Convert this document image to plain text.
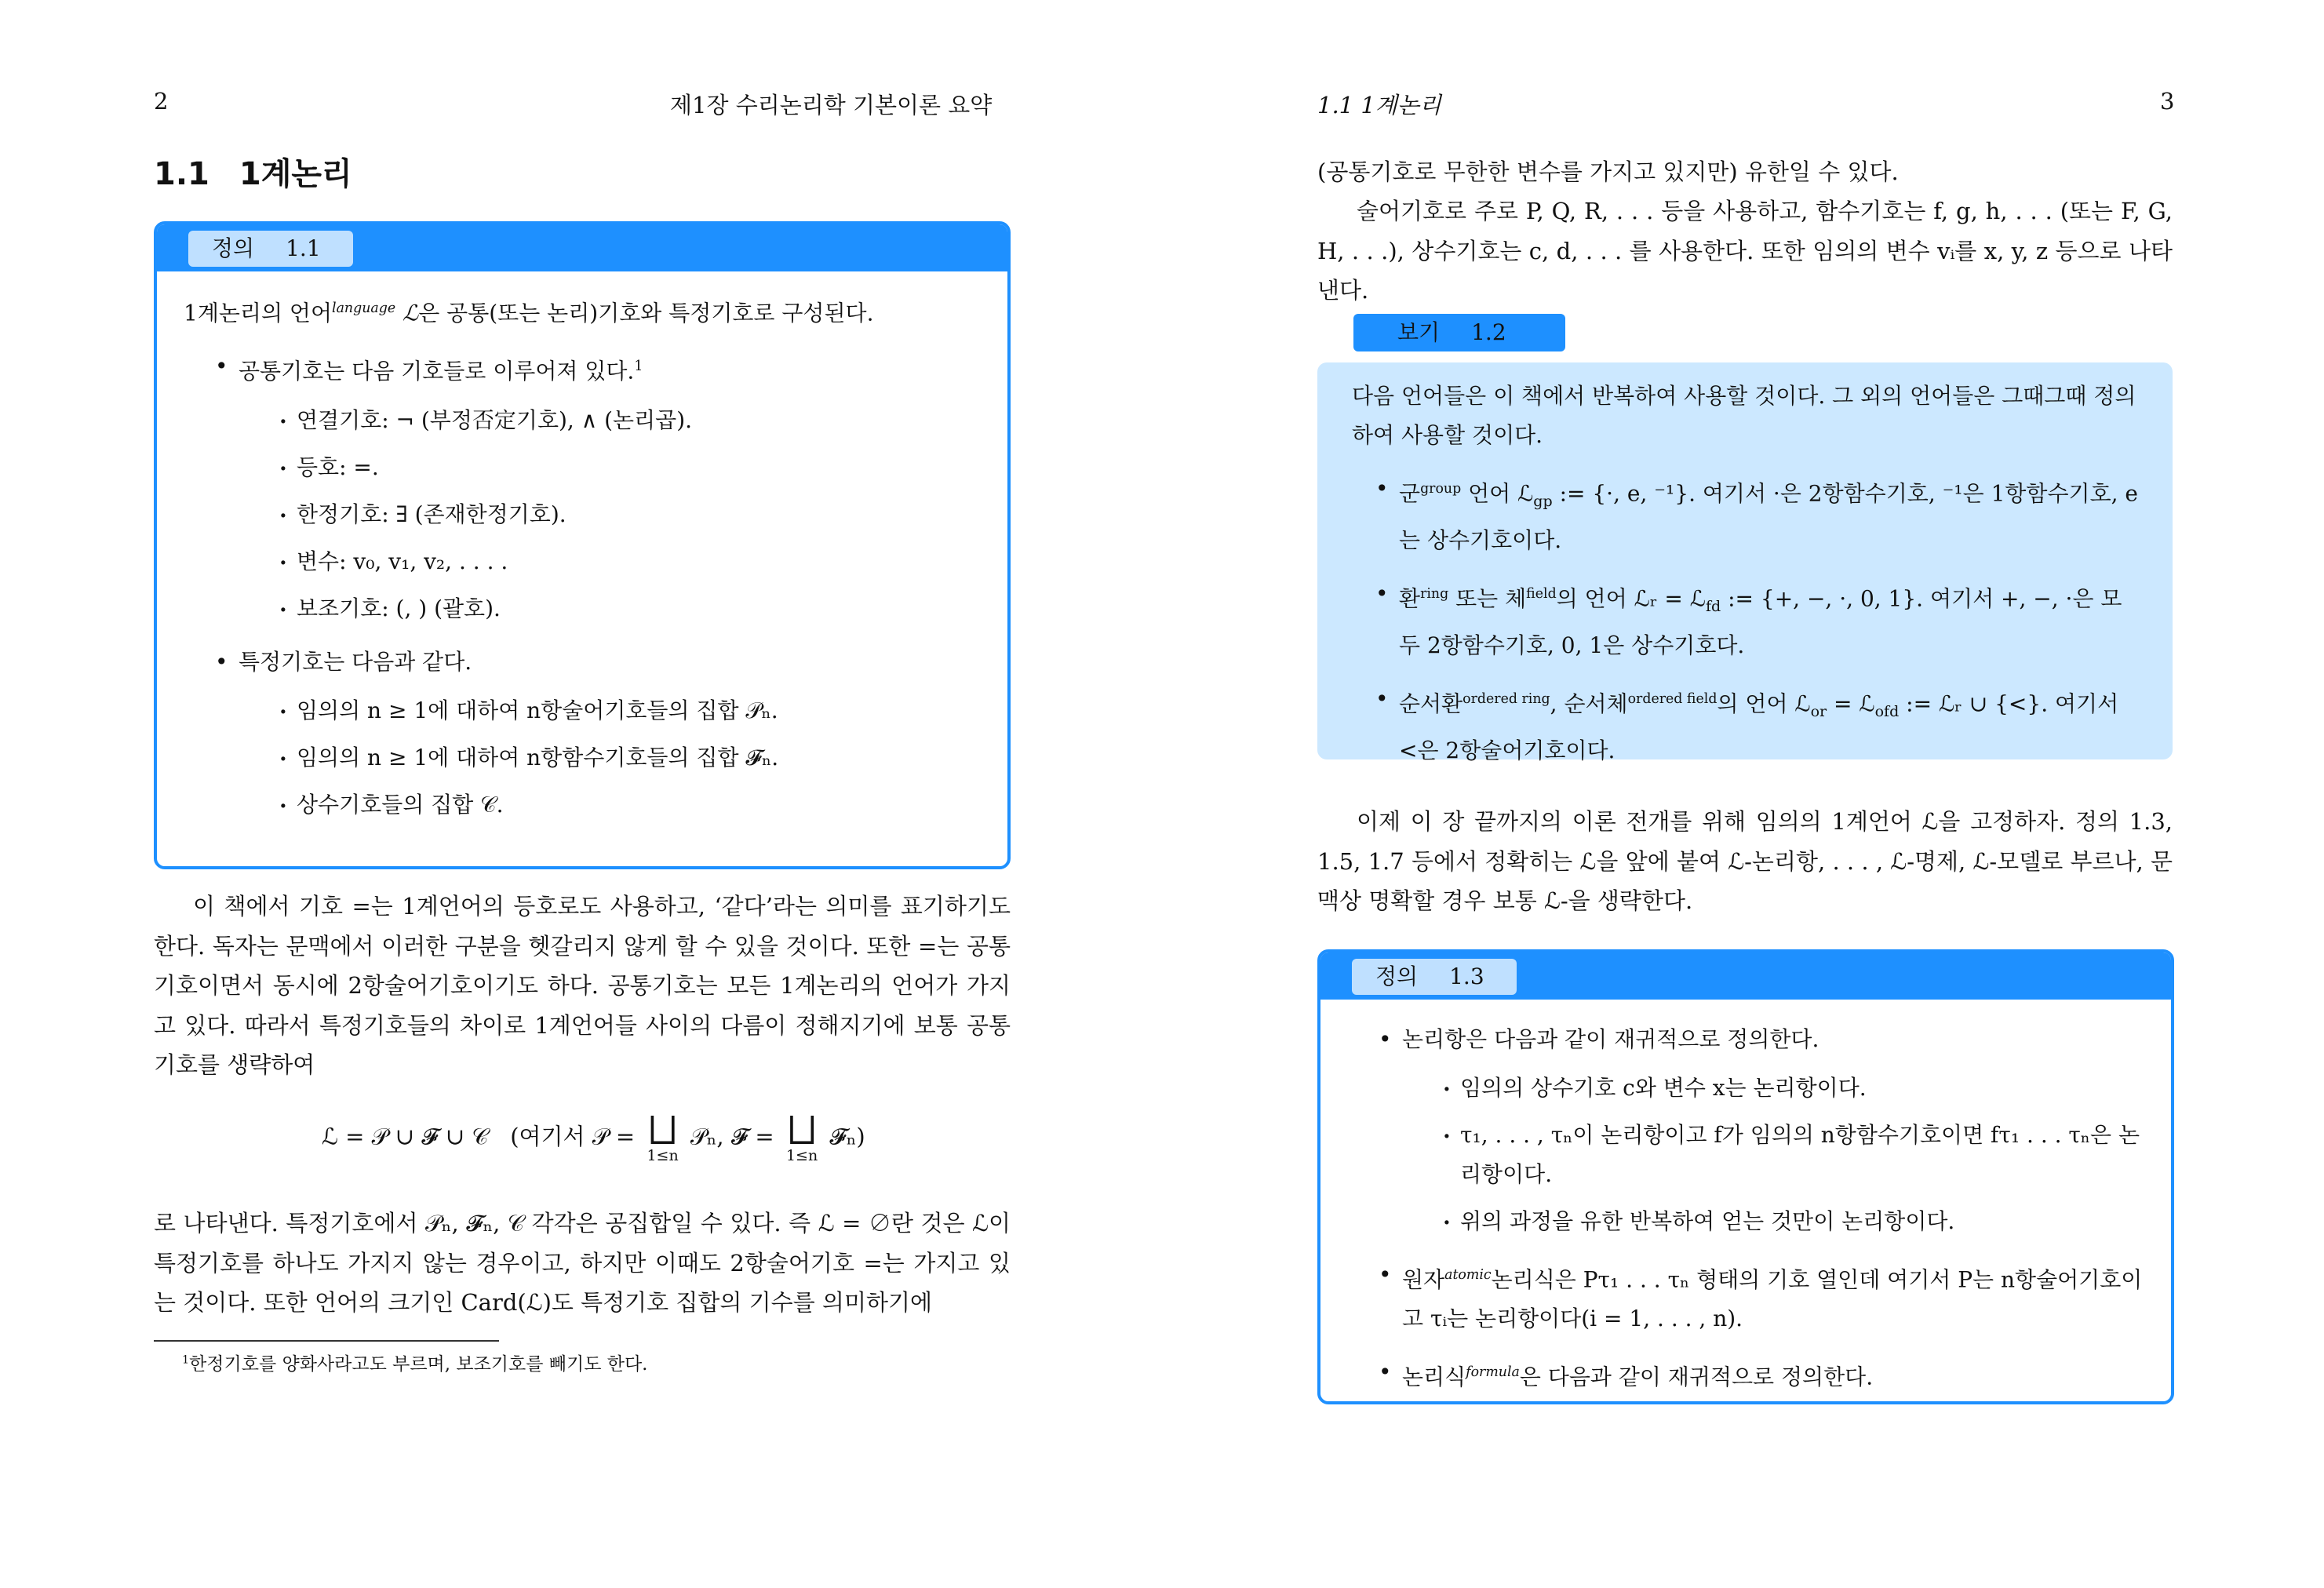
2	제1장 수리논리학 기본이론 요약
1.1 1계논리
정의 1.1
1계논리의 언어$^{language}$ ℒ은 공통(또는 논리)기호와 특정기호로 구성된다.
• 공통기호는 다음 기호들로 이루어져 있다.$^1$
. 연결기호: ¬ (부정否定기호), ∧ (논리곱).
. 등호: =.
. 한정기호: ∃ (존재한정기호).
. 변수: v₀, v₁, v₂, . . . .
. 보조기호: (, ) (괄호).
• 특정기호는 다음과 같다.
. 임의의 n ≥ 1에 대하여 n항술어기호들의 집합 𝒫ₙ.
. 임의의 n ≥ 1에 대하여 n항함수기호들의 집합 𝓕ₙ.
. 상수기호들의 집합 𝒞.
이 책에서 기호 =는 1계언어의 등호로도 사용하고, ‘같다’라는 의미를 표기하기도 한다. 독자는 문맥에서 이러한 구분을 헷갈리지 않게 할 수 있을 것이다. 또한 =는 공통기호이면서 동시에 2항술어기호이기도 하다. 공통기호는 모든 1계논리의 언어가 가지고 있다. 따라서 특정기호들의 차이로 1계언어들 사이의 다름이 정해지기에 보통 공통기호를 생략하여
ℒ = 𝒫 ∪ 𝓕 ∪ 𝒞 (여기서 𝒫 = ⨆
1≤n
𝒫ₙ, 𝓕 = ⨆
1≤n
𝓕ₙ)
로 나타낸다. 특정기호에서 𝒫ₙ, 𝓕ₙ, 𝒞 각각은 공집합일 수 있다. 즉 ℒ = ∅란 것은 ℒ이 특정기호를 하나도 가지지 않는 경우이고, 하지만 이때도 2항술어기호 =는 가지고 있는 것이다. 또한 언어의 크기인 Card(ℒ)도 특정기호 집합의 기수를 의미하기에
$^1$한정기호를 양화사라고도 부르며, 보조기호를 빼기도 한다.
1.1 1계논리	3
(공통기호로 무한한 변수를 가지고 있지만) 유한일 수 있다.
술어기호로 주로 P, Q, R, . . . 등을 사용하고, 함수기호는 f, g, h, . . . (또는 F, G, H, . . .), 상수기호는 c, d, . . . 를 사용한다. 또한 임의의 변수 vᵢ를 x, y, z 등으로 나타낸다.
보기 1.2
다음 언어들은 이 책에서 반복하여 사용할 것이다. 그 외의 언어들은 그때그때 정의하여 사용할 것이다.
• 군$^{group}$ 언어 ℒ$_{gp}$ := {·, e, ⁻¹}. 여기서 ·은 2항함수기호, ⁻¹은 1항함수기호, e는 상수기호이다.
• 환$^{ring}$ 또는 체$^{field}$의 언어 ℒᵣ = ℒ$_{fd}$ := {+, −, ·, 0, 1}. 여기서 +, −, ·은 모두 2항함수기호, 0, 1은 상수기호다.
• 순서환$^{ordered ring}$, 순서체$^{ordered field}$의 언어 ℒ$_{or}$ = ℒ$_{ofd}$ := ℒᵣ ∪ {<}. 여기서 <은 2항술어기호이다.
이제 이 장 끝까지의 이론 전개를 위해 임의의 1계언어 ℒ을 고정하자. 정의 1.3, 1.5, 1.7 등에서 정확히는 ℒ을 앞에 붙여 ℒ-논리항, . . . , ℒ-명제, ℒ-모델로 부르나, 문맥상 명확할 경우 보통 ℒ-을 생략한다.
정의 1.3
• 논리항은 다음과 같이 재귀적으로 정의한다.
. 임의의 상수기호 c와 변수 x는 논리항이다.
. τ₁, . . . , τₙ이 논리항이고 f가 임의의 n항함수기호이면 fτ₁ . . . τₙ은 논리항이다.
. 위의 과정을 유한 반복하여 얻는 것만이 논리항이다.
• 원자$^{atomic}$논리식은 Pτ₁ . . . τₙ 형태의 기호 열인데 여기서 P는 n항술어기호이고 τᵢ는 논리항이다(i = 1, . . . , n).
• 논리식$^{formula}$은 다음과 같이 재귀적으로 정의한다.
